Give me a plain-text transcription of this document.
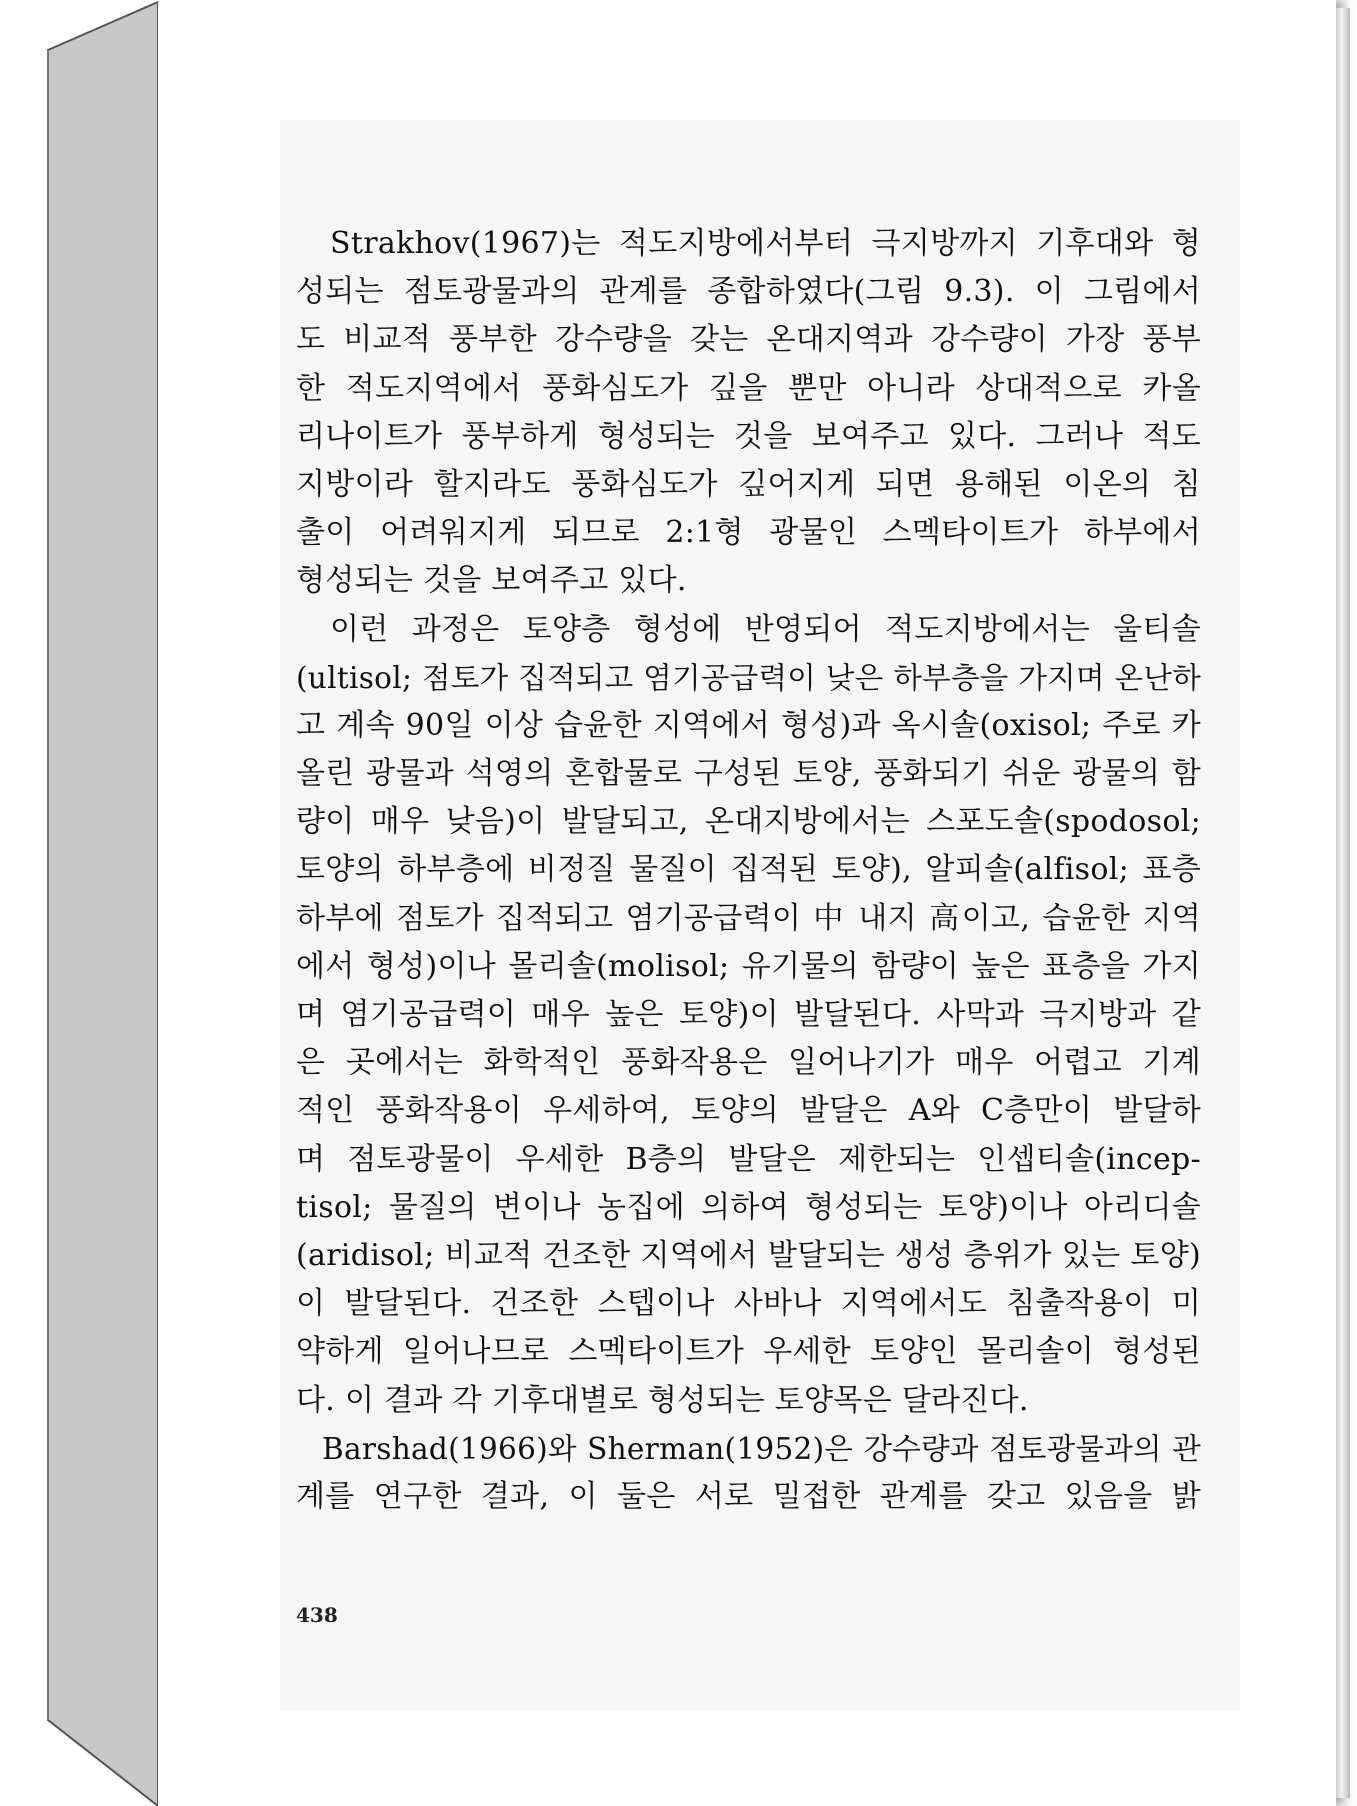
Strakhov(1967)는 적도지방에서부터 극지방까지 기후대와 형
성되는 점토광물과의 관계를 종합하였다(그림 9.3). 이 그림에서
도 비교적 풍부한 강수량을 갖는 온대지역과 강수량이 가장 풍부
한 적도지역에서 풍화심도가 깊을 뿐만 아니라 상대적으로 카올
리나이트가 풍부하게 형성되는 것을 보여주고 있다. 그러나 적도
지방이라 할지라도 풍화심도가 깊어지게 되면 용해된 이온의 침
출이 어려워지게 되므로 2:1형 광물인 스멕타이트가 하부에서
형성되는 것을 보여주고 있다.
이런 과정은 토양층 형성에 반영되어 적도지방에서는 울티솔
(ultisol; 점토가 집적되고 염기공급력이 낮은 하부층을 가지며 온난하
고 계속 90일 이상 습윤한 지역에서 형성)과 옥시솔(oxisol; 주로 카
올린 광물과 석영의 혼합물로 구성된 토양, 풍화되기 쉬운 광물의 함
량이 매우 낮음)이 발달되고, 온대지방에서는 스포도솔(spodosol;
토양의 하부층에 비정질 물질이 집적된 토양), 알피솔(alfisol; 표층
하부에 점토가 집적되고 염기공급력이 中 내지 高이고, 습윤한 지역
에서 형성)이나 몰리솔(molisol; 유기물의 함량이 높은 표층을 가지
며 염기공급력이 매우 높은 토양)이 발달된다. 사막과 극지방과 같
은 곳에서는 화학적인 풍화작용은 일어나기가 매우 어렵고 기계
적인 풍화작용이 우세하여, 토양의 발달은 A와 C층만이 발달하
며 점토광물이 우세한 B층의 발달은 제한되는 인셉티솔(incep-
tisol; 물질의 변이나 농집에 의하여 형성되는 토양)이나 아리디솔
(aridisol; 비교적 건조한 지역에서 발달되는 생성 층위가 있는 토양)
이 발달된다. 건조한 스텝이나 사바나 지역에서도 침출작용이 미
약하게 일어나므로 스멕타이트가 우세한 토양인 몰리솔이 형성된
다. 이 결과 각 기후대별로 형성되는 토양목은 달라진다.
Barshad(1966)와 Sherman(1952)은 강수량과 점토광물과의 관
계를 연구한 결과, 이 둘은 서로 밀접한 관계를 갖고 있음을 밝
438
